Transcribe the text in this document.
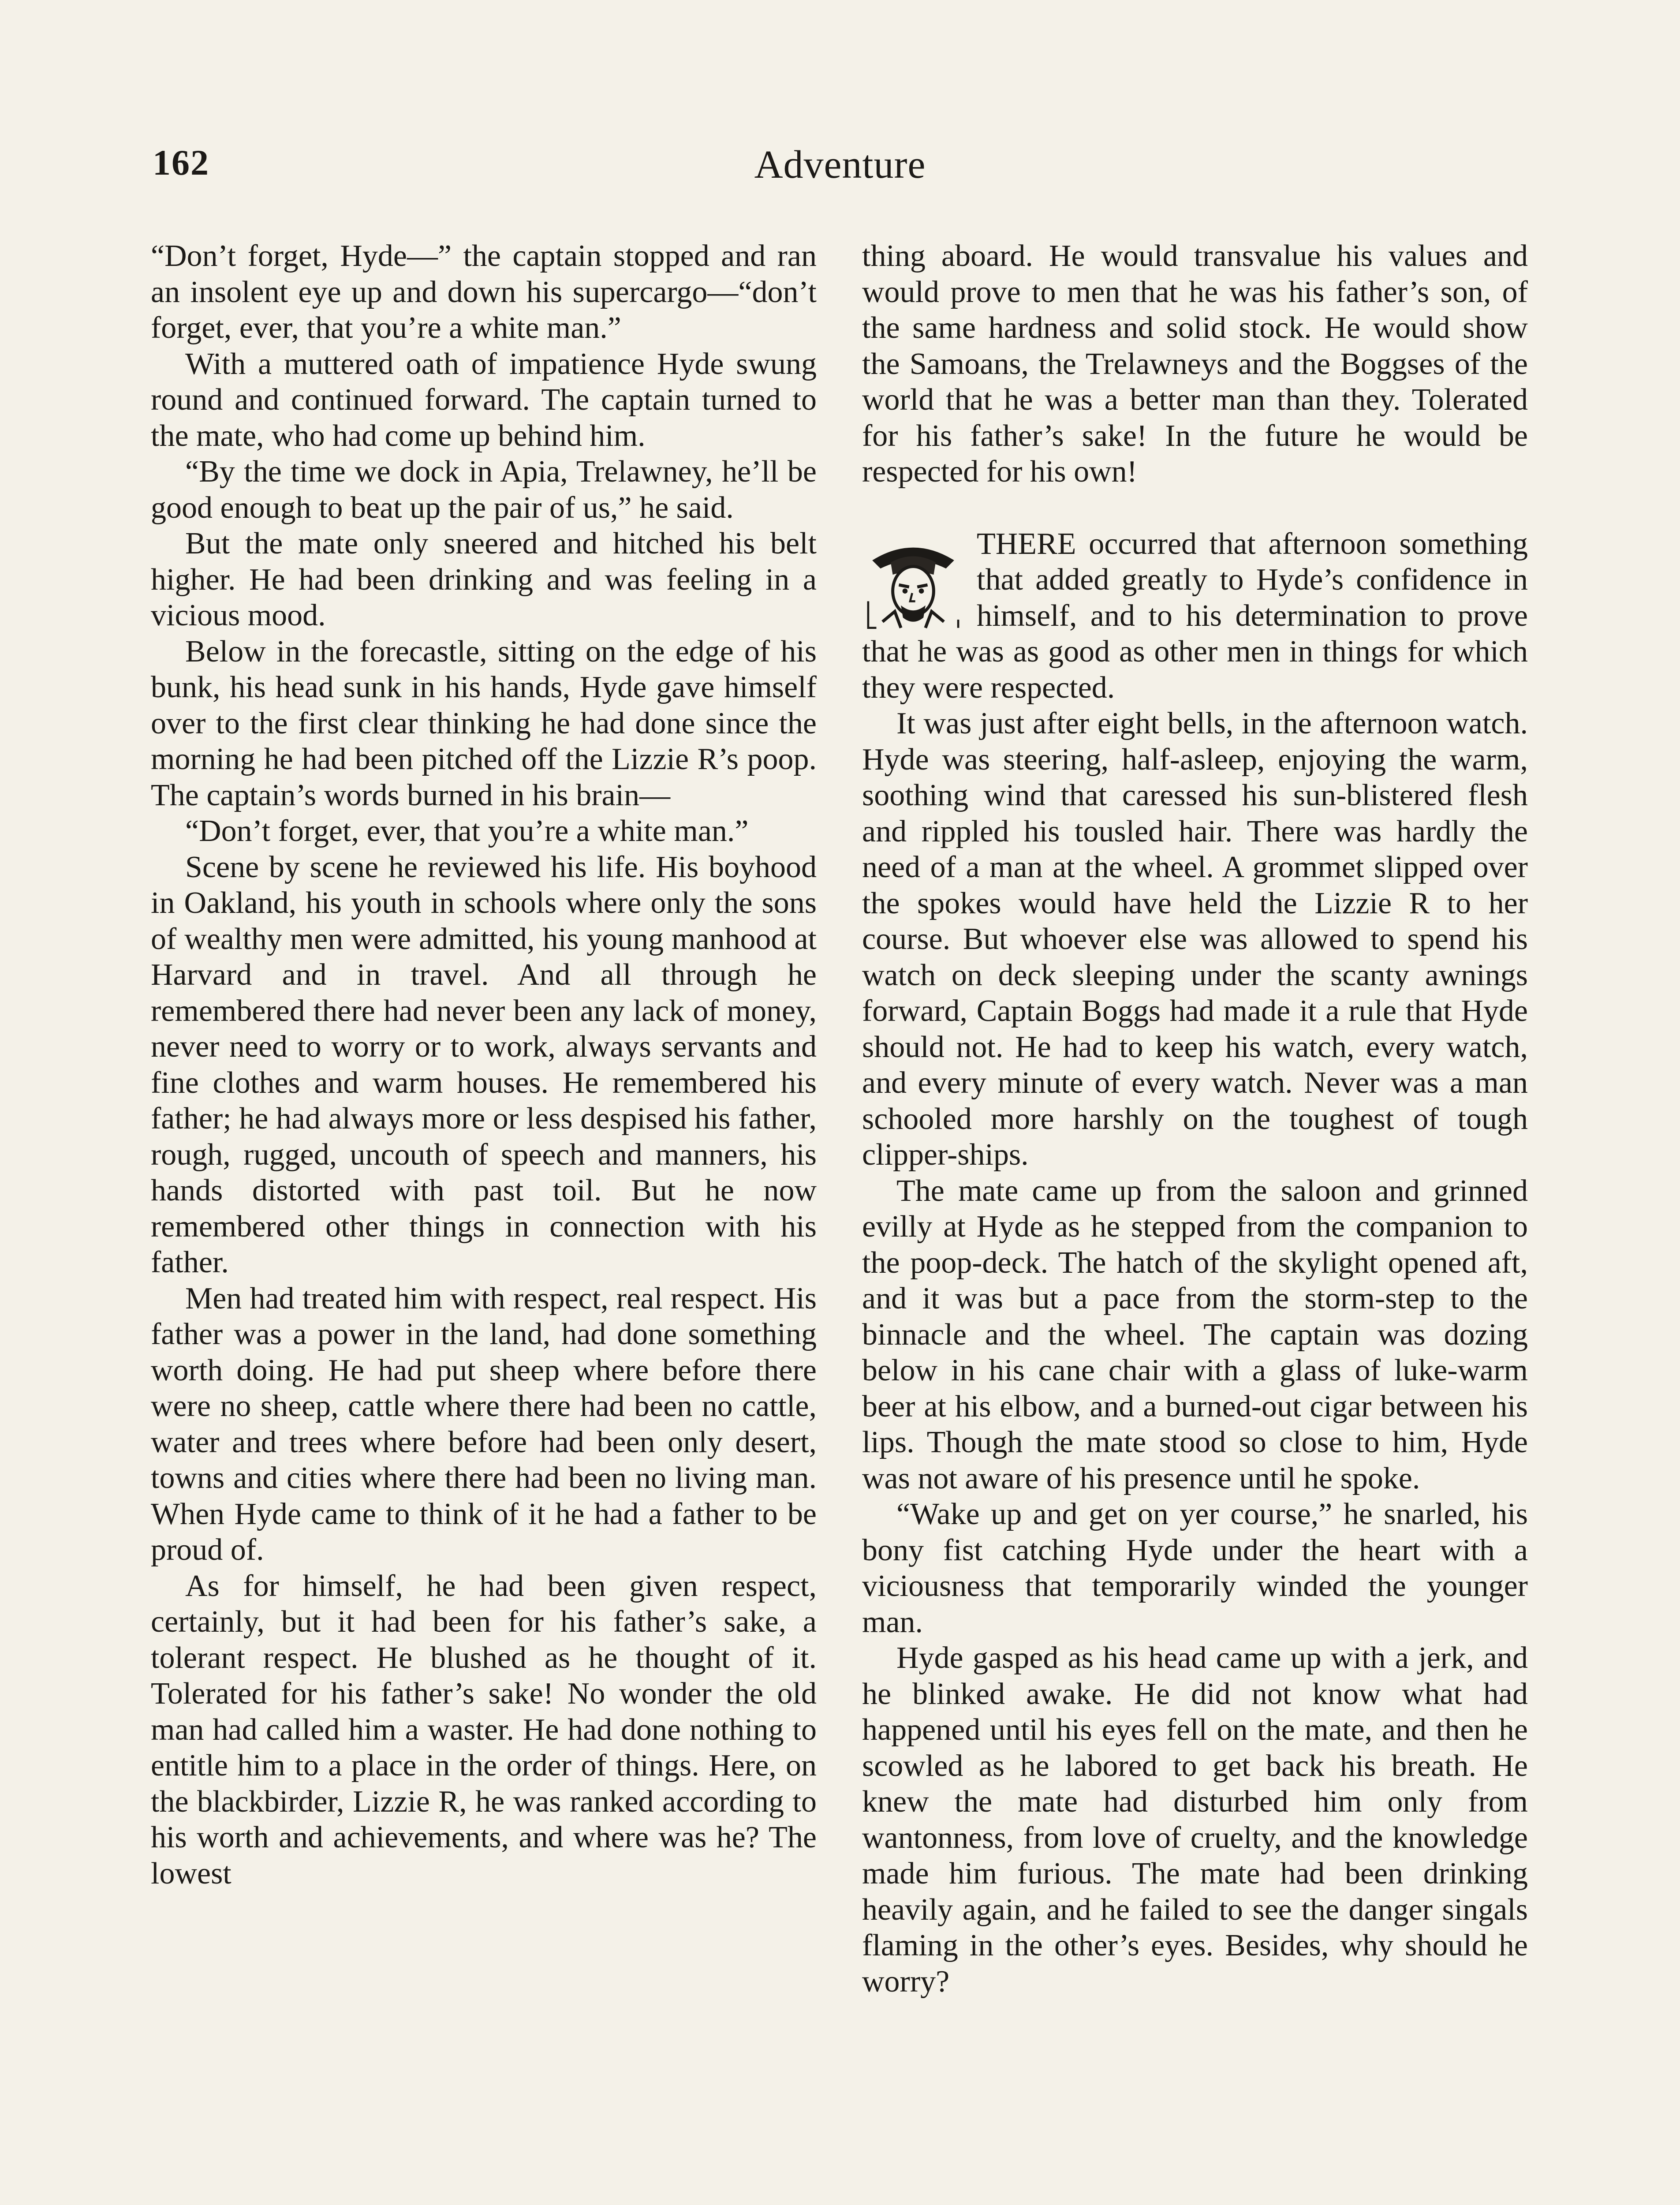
162	Adventure

“Don’t forget, Hyde—” the captain stopped and ran an insolent eye up and down his supercargo—“don’t forget, ever, that you’re a white man.”

With a muttered oath of impatience Hyde swung round and continued forward. The captain turned to the mate, who had come up behind him.

“By the time we dock in Apia, Trelawney, he’ll be good enough to beat up the pair of us,” he said.

But the mate only sneered and hitched his belt higher. He had been drinking and was feeling in a vicious mood.

Below in the forecastle, sitting on the edge of his bunk, his head sunk in his hands, Hyde gave himself over to the first clear thinking he had done since the morning he had been pitched off the Lizzie R’s poop. The captain’s words burned in his brain—

“Don’t forget, ever, that you’re a white man.”

Scene by scene he reviewed his life. His boyhood in Oakland, his youth in schools where only the sons of wealthy men were admitted, his young manhood at Harvard and in travel. And all through he remembered there had never been any lack of money, never need to worry or to work, always servants and fine clothes and warm houses. He remembered his father; he had always more or less despised his father, rough, rugged, uncouth of speech and manners, his hands distorted with past toil. But he now remembered other things in connection with his father.

Men had treated him with respect, real respect. His father was a power in the land, had done something worth doing. He had put sheep where before there were no sheep, cattle where there had been no cattle, water and trees where before had been only desert, towns and cities where there had been no living man. When Hyde came to think of it he had a father to be proud of.

As for himself, he had been given respect, certainly, but it had been for his father’s sake, a tolerant respect. He blushed as he thought of it. Tolerated for his father’s sake! No wonder the old man had called him a waster. He had done nothing to entitle him to a place in the order of things. Here, on the blackbirder, Lizzie R, he was ranked according to his worth and achievements, and where was he? The lowest

thing aboard. He would transvalue his values and would prove to men that he was his father’s son, of the same hardness and solid stock. He would show the Samoans, the Trelawneys and the Boggses of the world that he was a better man than they. Tolerated for his father’s sake! In the future he would be respected for his own!

THERE occurred that afternoon something that added greatly to Hyde’s confidence in himself, and to his determination to prove that he was as good as other men in things for which they were respected.

It was just after eight bells, in the afternoon watch. Hyde was steering, half-asleep, enjoying the warm, soothing wind that caressed his sun-blistered flesh and rippled his tousled hair. There was hardly the need of a man at the wheel. A grommet slipped over the spokes would have held the Lizzie R to her course. But whoever else was allowed to spend his watch on deck sleeping under the scanty awnings forward, Captain Boggs had made it a rule that Hyde should not. He had to keep his watch, every watch, and every minute of every watch. Never was a man schooled more harshly on the toughest of tough clipper-ships.

The mate came up from the saloon and grinned evilly at Hyde as he stepped from the companion to the poop-deck. The hatch of the skylight opened aft, and it was but a pace from the storm-step to the binnacle and the wheel. The captain was dozing below in his cane chair with a glass of luke-warm beer at his elbow, and a burned-out cigar between his lips. Though the mate stood so close to him, Hyde was not aware of his presence until he spoke.

“Wake up and get on yer course,” he snarled, his bony fist catching Hyde under the heart with a viciousness that temporarily winded the younger man.

Hyde gasped as his head came up with a jerk, and he blinked awake. He did not know what had happened until his eyes fell on the mate, and then he scowled as he labored to get back his breath. He knew the mate had disturbed him only from wantonness, from love of cruelty, and the knowledge made him furious. The mate had been drinking heavily again, and he failed to see the danger singals flaming in the other’s eyes. Besides, why should he worry?
